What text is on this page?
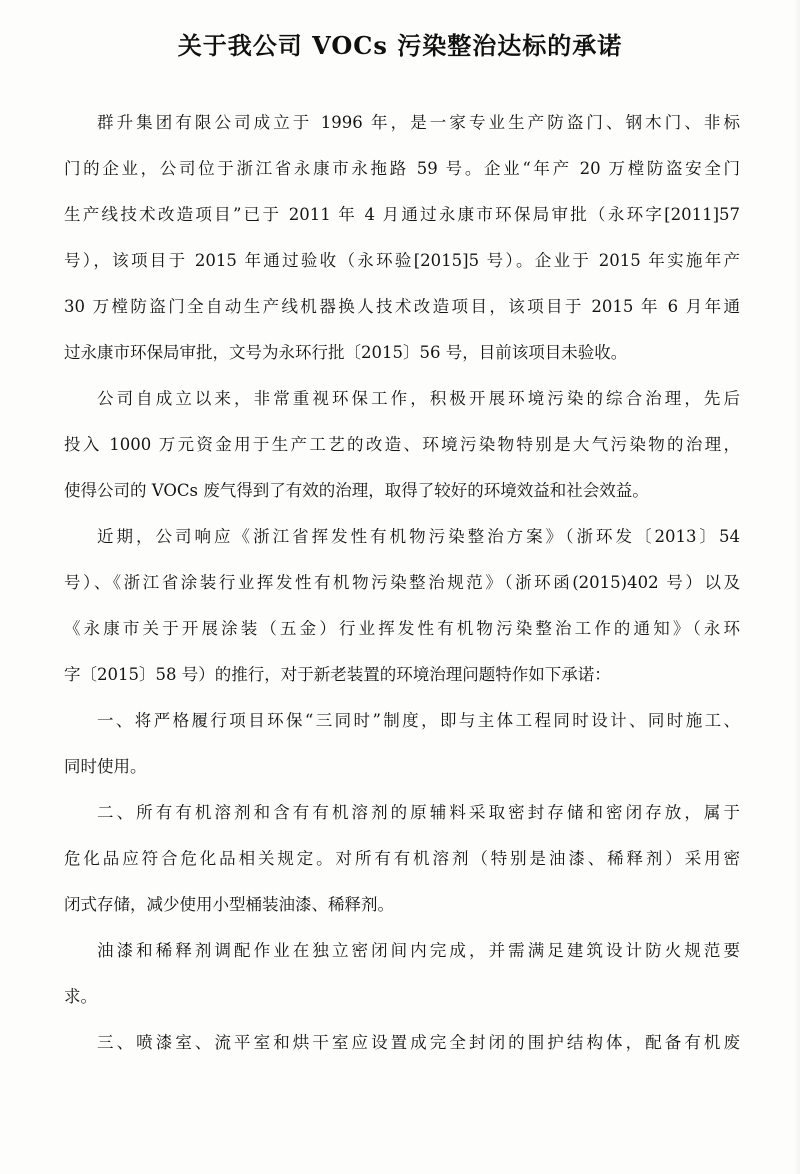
关于我公司 VOCs 污染整治达标的承诺
群升集团有限公司成立于 1996 年，是一家专业生产防盗门、钢木门、非标
门的企业，公司位于浙江省永康市永拖路 59 号。企业“年产 20 万樘防盗安全门
生产线技术改造项目”已于 2011 年 4 月通过永康市环保局审批（永环字[2011]57
号），该项目于 2015 年通过验收（永环验[2015]5 号）。企业于 2015 年实施年产
30 万樘防盗门全自动生产线机器换人技术改造项目，该项目于 2015 年 6 月年通
过永康市环保局审批，文号为永环行批〔2015〕56 号，目前该项目未验收。
公司自成立以来，非常重视环保工作，积极开展环境污染的综合治理，先后
投入 1000 万元资金用于生产工艺的改造、环境污染物特别是大气污染物的治理，
使得公司的 VOCs 废气得到了有效的治理，取得了较好的环境效益和社会效益。
近期，公司响应《浙江省挥发性有机物污染整治方案》（浙环发〔2013〕54
号）、《浙江省涂装行业挥发性有机物污染整治规范》（浙环函(2015)402 号）以及
《永康市关于开展涂装（五金）行业挥发性有机物污染整治工作的通知》（永环
字〔2015〕58 号）的推行，对于新老装置的环境治理问题特作如下承诺：
一、将严格履行项目环保“三同时”制度，即与主体工程同时设计、同时施工、
同时使用。
二、所有有机溶剂和含有有机溶剂的原辅料采取密封存储和密闭存放，属于
危化品应符合危化品相关规定。对所有有机溶剂（特别是油漆、稀释剂）采用密
闭式存储，减少使用小型桶装油漆、稀释剂。
油漆和稀释剂调配作业在独立密闭间内完成，并需满足建筑设计防火规范要
求。
三、喷漆室、流平室和烘干室应设置成完全封闭的围护结构体，配备有机废
